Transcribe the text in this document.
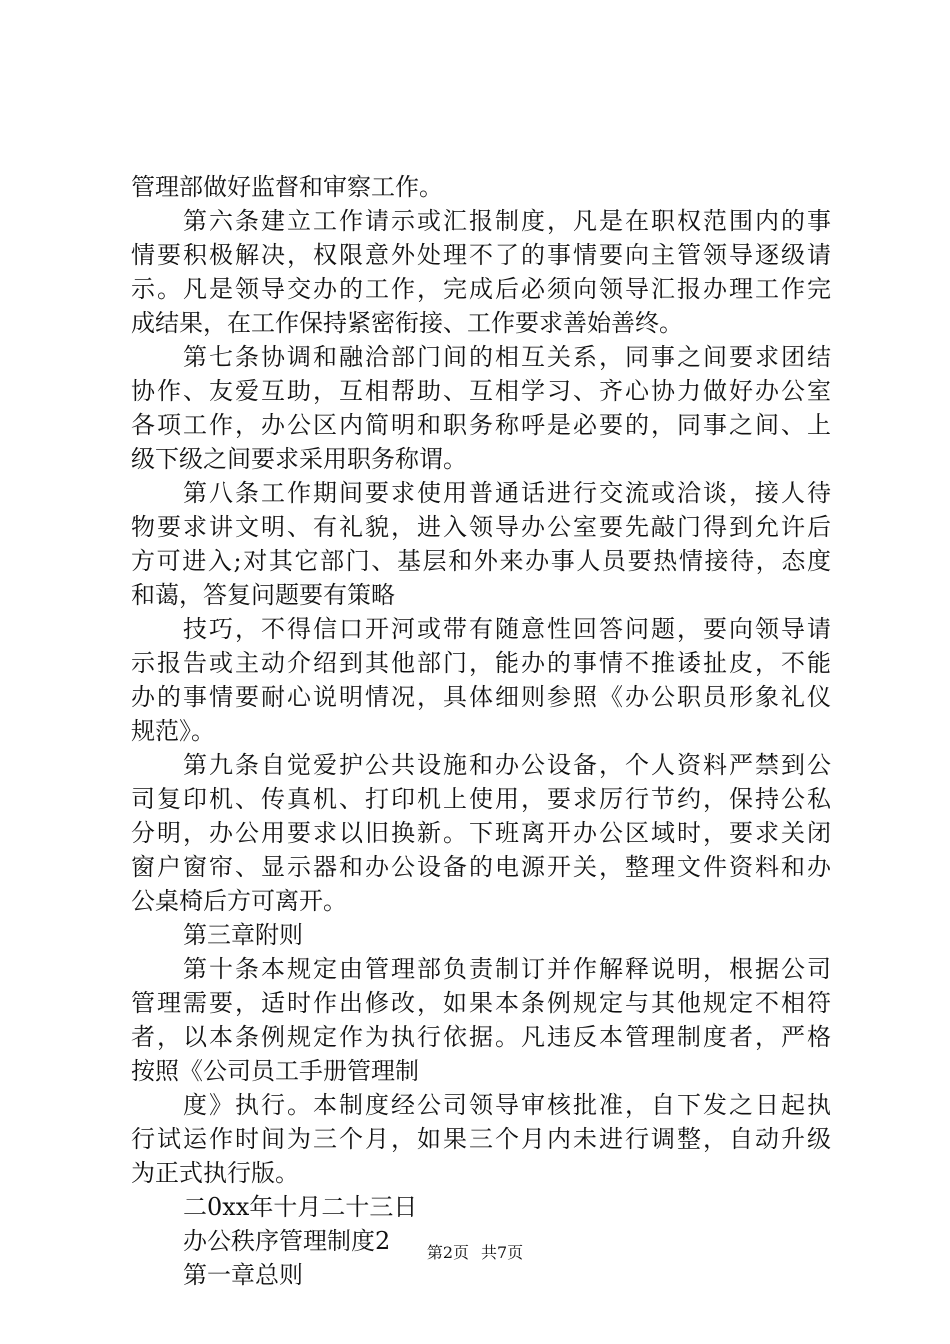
管理部做好监督和审察工作。
第六条建立工作请示或汇报制度，凡是在职权范围内的事
情要积极解决，权限意外处理不了的事情要向主管领导逐级请
示。凡是领导交办的工作，完成后必须向领导汇报办理工作完
成结果，在工作保持紧密衔接、工作要求善始善终。
第七条协调和融洽部门间的相互关系，同事之间要求团结
协作、友爱互助，互相帮助、互相学习、齐心协力做好办公室
各项工作，办公区内简明和职务称呼是必要的，同事之间、上
级下级之间要求采用职务称谓。
第八条工作期间要求使用普通话进行交流或洽谈，接人待
物要求讲文明、有礼貌，进入领导办公室要先敲门得到允许后
方可进入;对其它部门、基层和外来办事人员要热情接待，态度
和蔼，答复问题要有策略
技巧，不得信口开河或带有随意性回答问题，要向领导请
示报告或主动介绍到其他部门，能办的事情不推诿扯皮，不能
办的事情要耐心说明情况，具体细则参照《办公职员形象礼仪
规范》。
第九条自觉爱护公共设施和办公设备，个人资料严禁到公
司复印机、传真机、打印机上使用，要求厉行节约，保持公私
分明，办公用要求以旧换新。下班离开办公区域时，要求关闭
窗户窗帘、显示器和办公设备的电源开关，整理文件资料和办
公桌椅后方可离开。
第三章附则
第十条本规定由管理部负责制订并作解释说明，根据公司
管理需要，适时作出修改，如果本条例规定与其他规定不相符
者，以本条例规定作为执行依据。凡违反本管理制度者，严格
按照《公司员工手册管理制
度》执行。本制度经公司领导审核批准，自下发之日起执
行试运作时间为三个月，如果三个月内未进行调整，自动升级
为正式执行版。
二0xx年十月二十三日
办公秩序管理制度2
第一章总则
第2页 共7页
